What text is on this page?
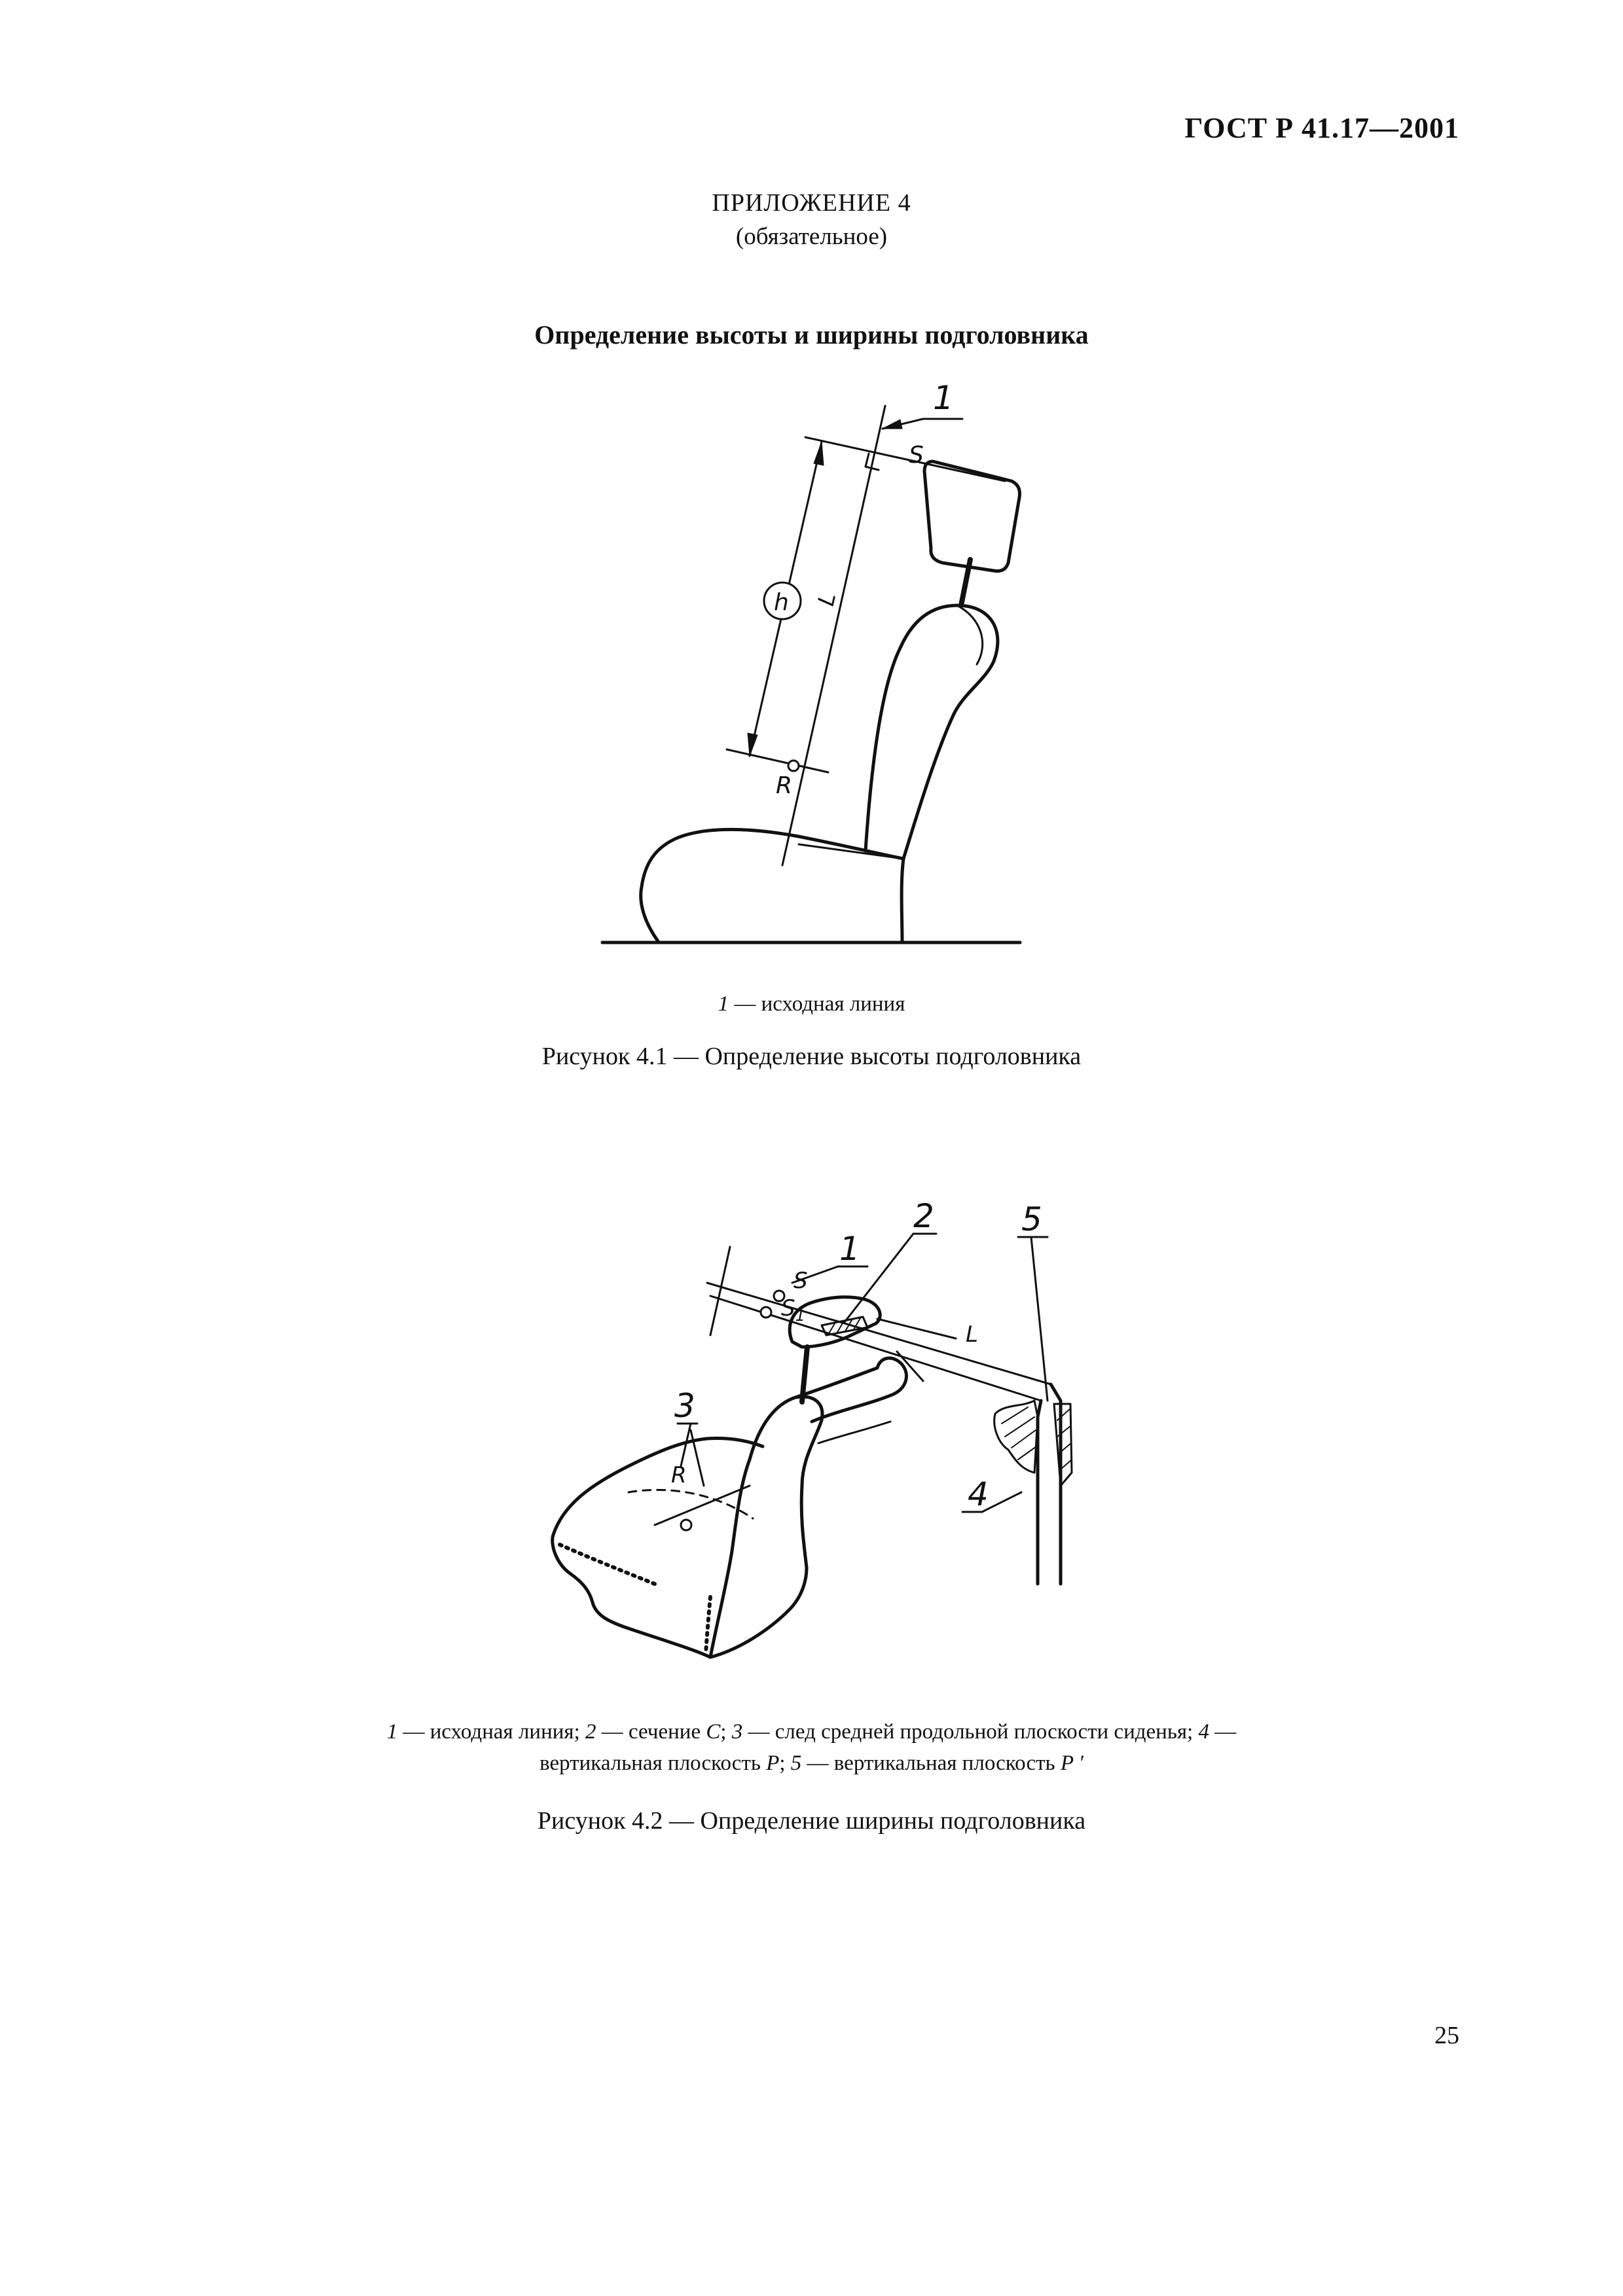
ГОСТ Р 41.17—2001
ПРИЛОЖЕНИЕ 4
(обязательное)
Определение высоты и ширины подголовника
1
S
h
R
L
1 — исходная линия
Рисунок 4.1 — Определение высоты подголовника
1
2
3
4
5
S
$S_1$
R
L
1 — исходная линия; 2 — сечение C; 3 — след средней продольной плоскости сиденья; 4 —
вертикальная плоскость P; 5 — вертикальная плоскость P ′
Рисунок 4.2 — Определение ширины подголовника
25
